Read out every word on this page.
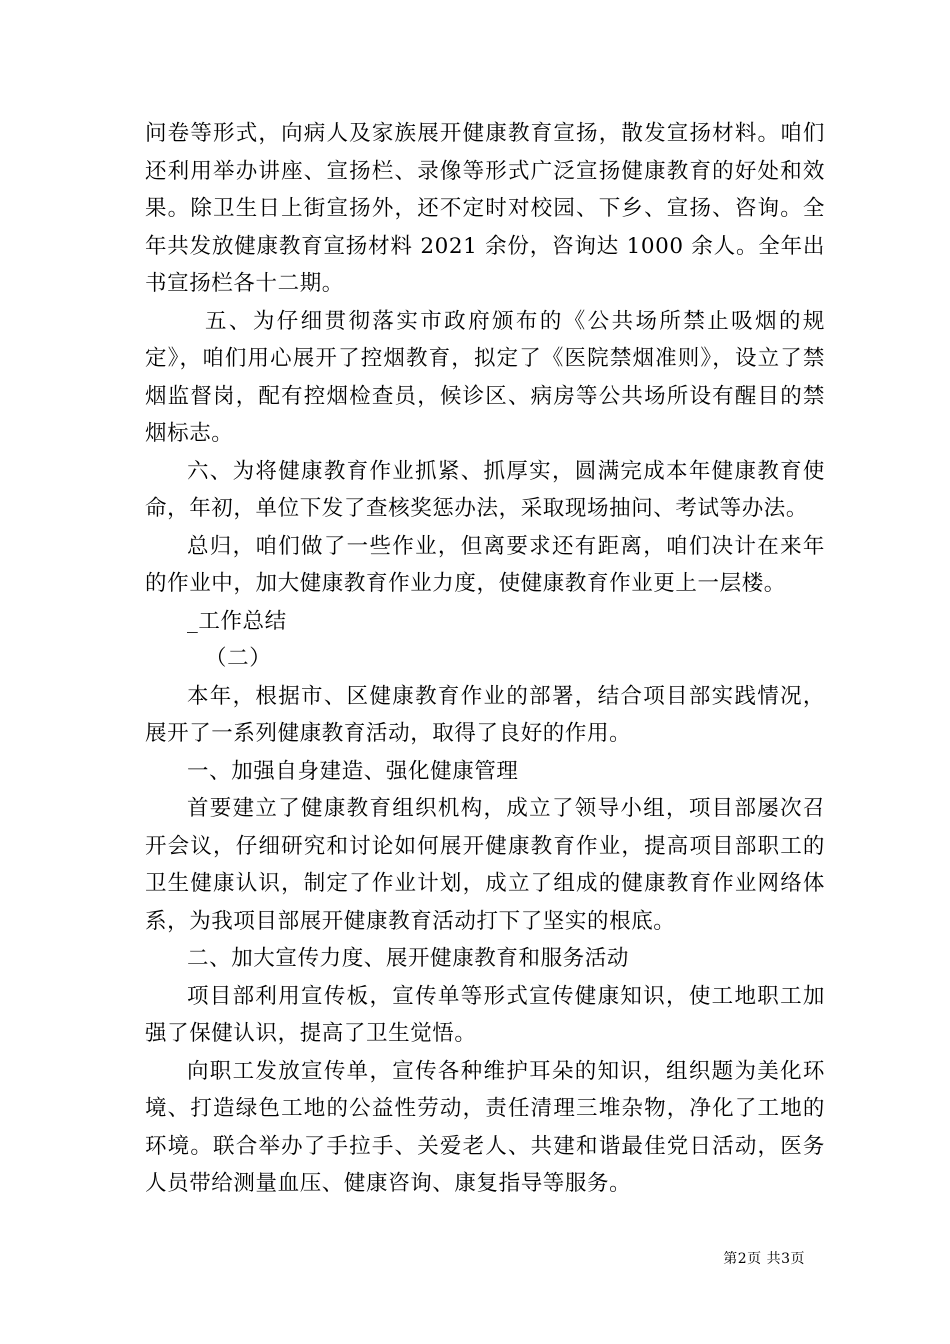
问卷等形式，向病人及家族展开健康教育宣扬，散发宣扬材料。咱们还利用举办讲座、宣扬栏、录像等形式广泛宣扬健康教育的好处和效果。除卫生日上街宣扬外，还不定时对校园、下乡、宣扬、咨询。全年共发放健康教育宣扬材料 2021 余份，咨询达 1000 余人。全年出书宣扬栏各十二期。

五、为仔细贯彻落实市政府颁布的《公共场所禁止吸烟的规定》，咱们用心展开了控烟教育，拟定了《医院禁烟准则》，设立了禁烟监督岗，配有控烟检查员，候诊区、病房等公共场所设有醒目的禁烟标志。

六、为将健康教育作业抓紧、抓厚实，圆满完成本年健康教育使命，年初，单位下发了查核奖惩办法，采取现场抽问、考试等办法。

总归，咱们做了一些作业，但离要求还有距离，咱们决计在来年的作业中，加大健康教育作业力度，使健康教育作业更上一层楼。

_工作总结

（二）

本年，根据市、区健康教育作业的部署，结合项目部实践情况，展开了一系列健康教育活动，取得了良好的作用。

一、加强自身建造、强化健康管理

首要建立了健康教育组织机构，成立了领导小组，项目部屡次召开会议，仔细研究和讨论如何展开健康教育作业，提高项目部职工的卫生健康认识，制定了作业计划，成立了组成的健康教育作业网络体系，为我项目部展开健康教育活动打下了坚实的根底。

二、加大宣传力度、展开健康教育和服务活动

项目部利用宣传板，宣传单等形式宣传健康知识，使工地职工加强了保健认识，提高了卫生觉悟。

向职工发放宣传单，宣传各种维护耳朵的知识，组织题为美化环境、打造绿色工地的公益性劳动，责任清理三堆杂物，净化了工地的环境。联合举办了手拉手、关爱老人、共建和谐最佳党日活动，医务人员带给测量血压、健康咨询、康复指导等服务。

第2页 共3页
